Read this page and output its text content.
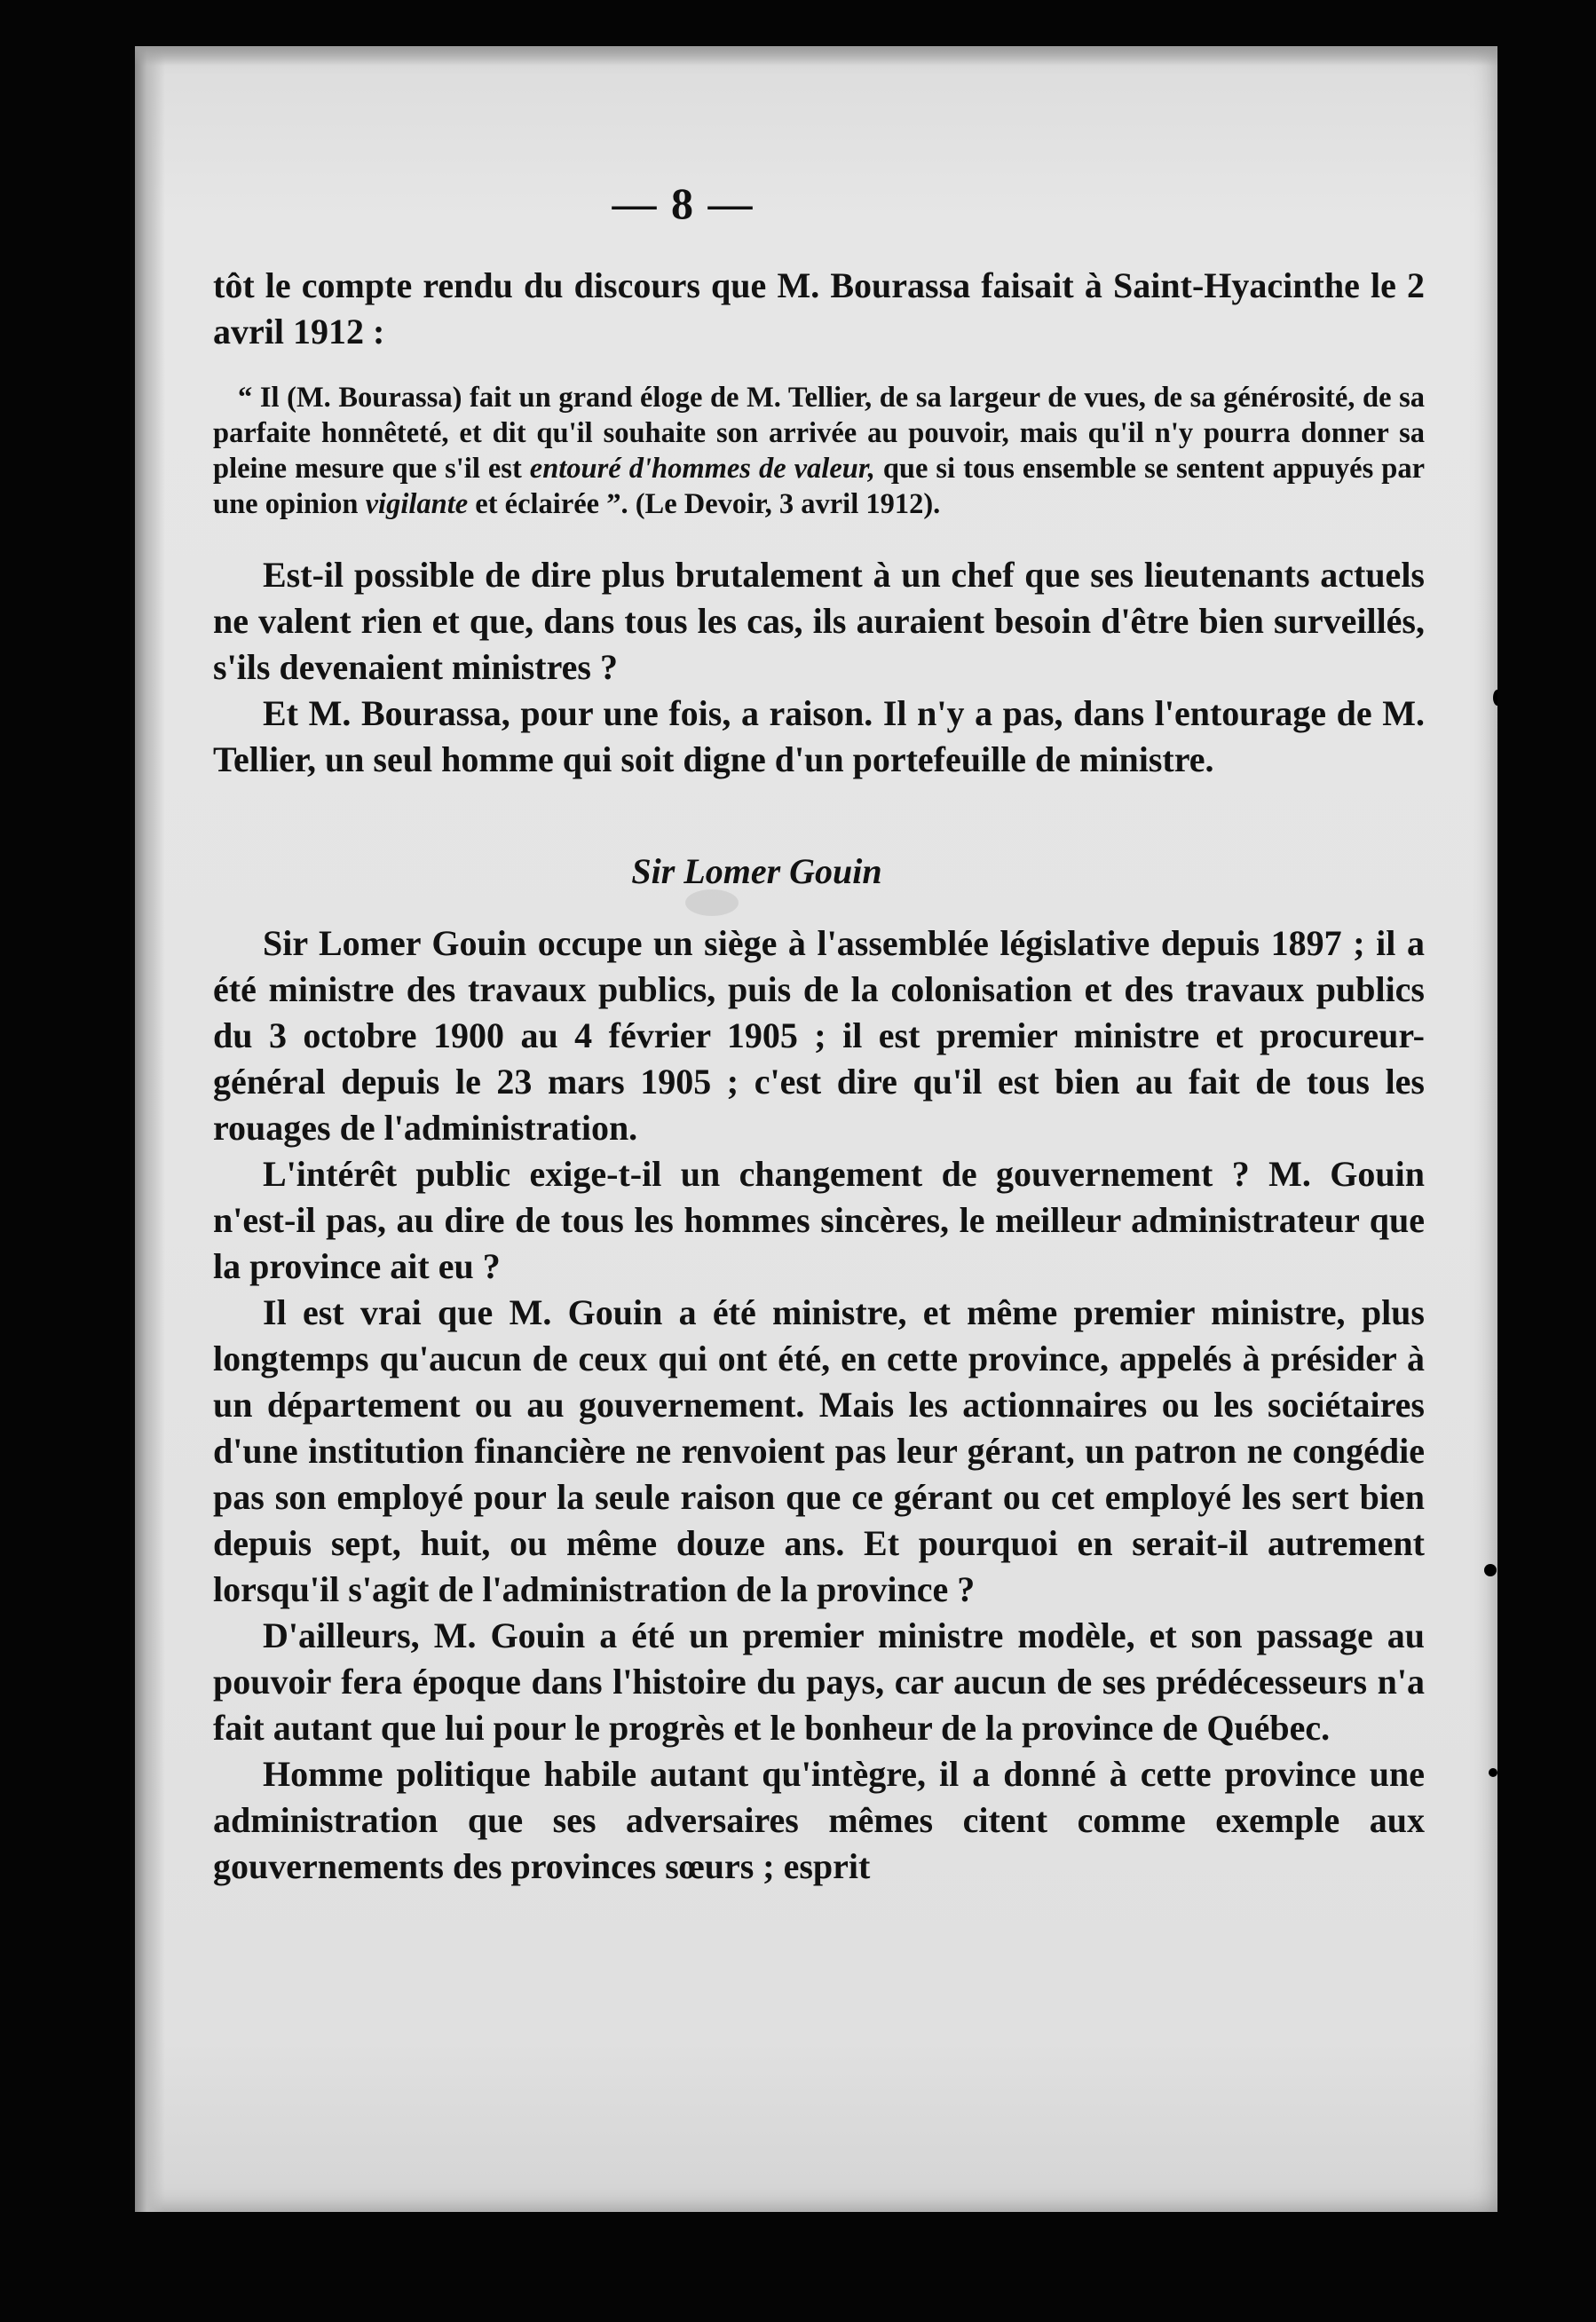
— 8 —

tôt le compte rendu du discours que M. Bourassa faisait à Saint-Hyacinthe le 2 avril 1912 :

“ Il (M. Bourassa) fait un grand éloge de M. Tellier, de sa largeur de vues, de sa générosité, de sa parfaite honnêteté, et dit qu'il souhaite son arrivée au pouvoir, mais qu'il n'y pourra donner sa pleine mesure que s'il est entouré d'hommes de valeur, que si tous ensemble se sentent appuyés par une opinion vigilante et éclairée ”. (Le Devoir, 3 avril 1912).

Est-il possible de dire plus brutalement à un chef que ses lieutenants actuels ne valent rien et que, dans tous les cas, ils auraient besoin d'être bien surveillés, s'ils devenaient ministres ?

Et M. Bourassa, pour une fois, a raison. Il n'y a pas, dans l'entourage de M. Tellier, un seul homme qui soit digne d'un portefeuille de ministre.

Sir Lomer Gouin

Sir Lomer Gouin occupe un siège à l'assemblée législative depuis 1897 ; il a été ministre des travaux publics, puis de la colonisation et des travaux publics du 3 octobre 1900 au 4 février 1905 ; il est premier ministre et procureur-général depuis le 23 mars 1905 ; c'est dire qu'il est bien au fait de tous les rouages de l'administration.

L'intérêt public exige-t-il un changement de gouvernement ? M. Gouin n'est-il pas, au dire de tous les hommes sincères, le meilleur administrateur que la province ait eu ?

Il est vrai que M. Gouin a été ministre, et même premier ministre, plus longtemps qu'aucun de ceux qui ont été, en cette province, appelés à présider à un département ou au gouvernement. Mais les actionnaires ou les sociétaires d'une institution financière ne renvoient pas leur gérant, un patron ne congédie pas son employé pour la seule raison que ce gérant ou cet employé les sert bien depuis sept, huit, ou même douze ans. Et pourquoi en serait-il autrement lorsqu'il s'agit de l'administration de la province ?

D'ailleurs, M. Gouin a été un premier ministre modèle, et son passage au pouvoir fera époque dans l'histoire du pays, car aucun de ses prédécesseurs n'a fait autant que lui pour le progrès et le bonheur de la province de Québec.

Homme politique habile autant qu'intègre, il a donné à cette province une administration que ses adversaires mêmes citent comme exemple aux gouvernements des provinces sœurs ; esprit
